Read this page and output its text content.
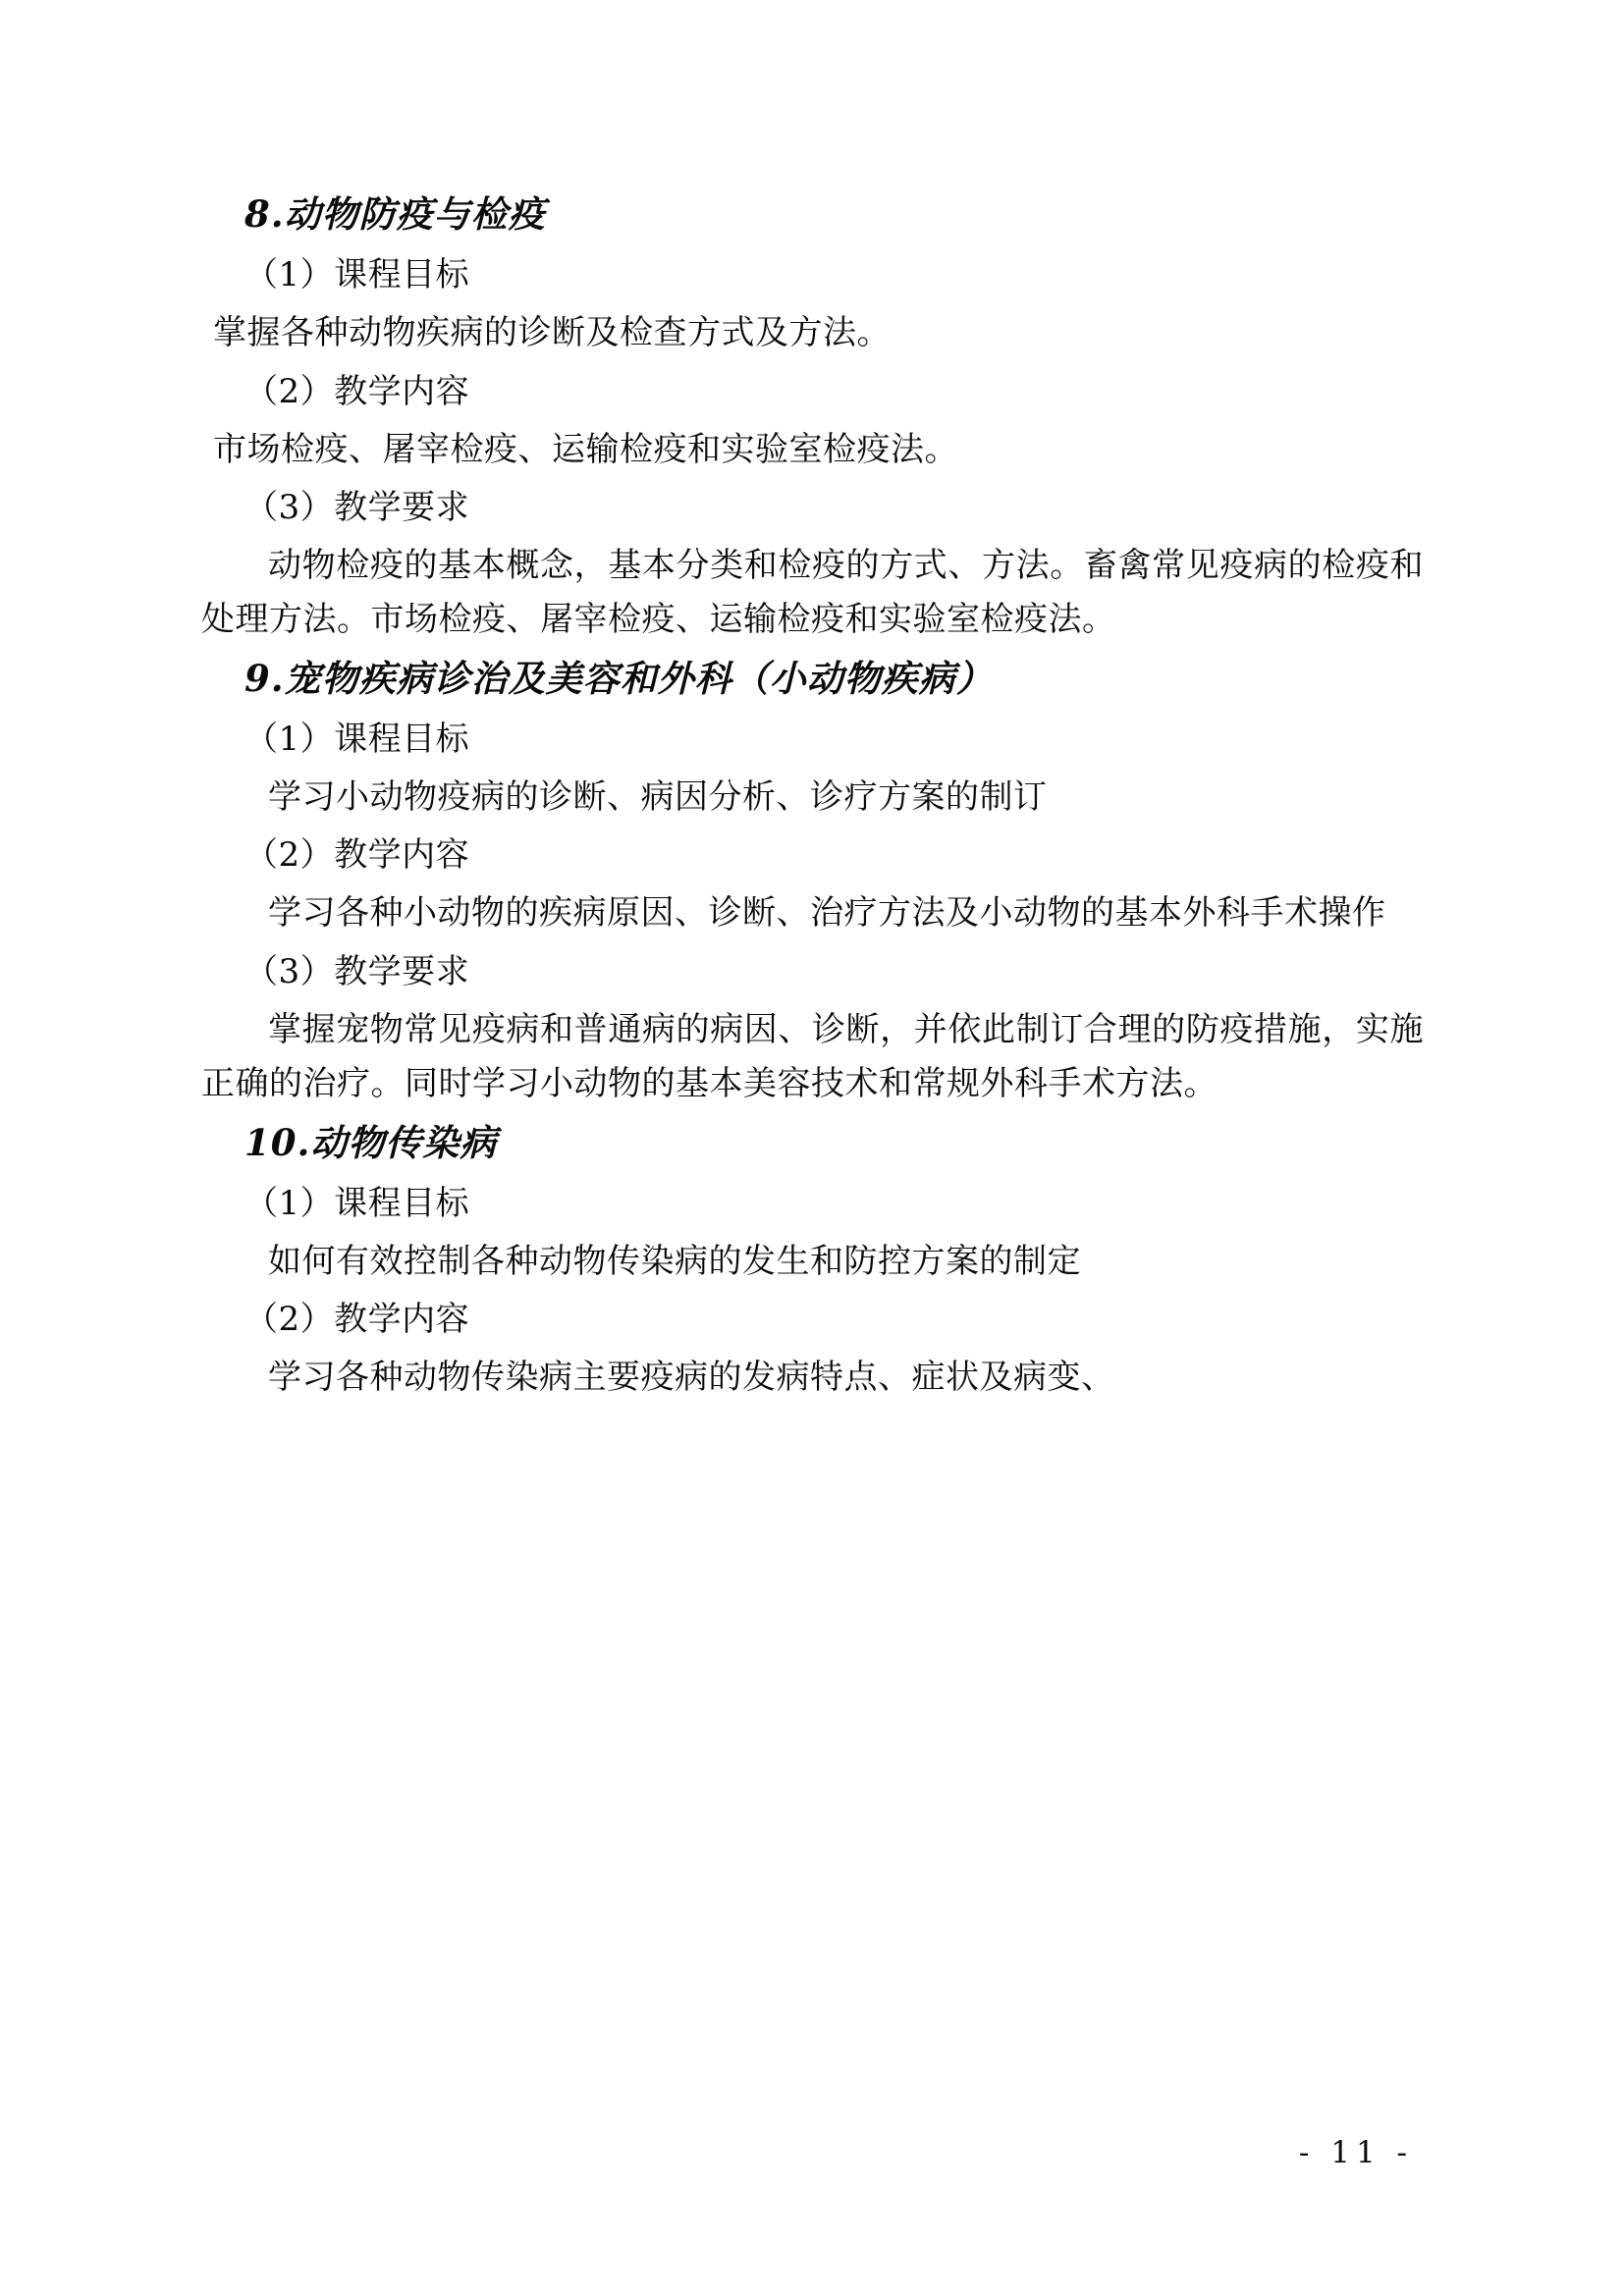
8.动物防疫与检疫

（1）课程目标

掌握各种动物疾病的诊断及检查方式及方法。

（2）教学内容

市场检疫、屠宰检疫、运输检疫和实验室检疫法。

（3）教学要求

动物检疫的基本概念，基本分类和检疫的方式、方法。畜禽常见疫病的检疫和处理方法。市场检疫、屠宰检疫、运输检疫和实验室检疫法。

9.宠物疾病诊治及美容和外科（小动物疾病）

（1）课程目标

学习小动物疫病的诊断、病因分析、诊疗方案的制订

（2）教学内容

学习各种小动物的疾病原因、诊断、治疗方法及小动物的基本外科手术操作

（3）教学要求

掌握宠物常见疫病和普通病的病因、诊断，并依此制订合理的防疫措施，实施正确的治疗。同时学习小动物的基本美容技术和常规外科手术方法。

10.动物传染病

（1）课程目标

如何有效控制各种动物传染病的发生和防控方案的制定

（2）教学内容

学习各种动物传染病主要疫病的发病特点、症状及病变、

- 11 -
